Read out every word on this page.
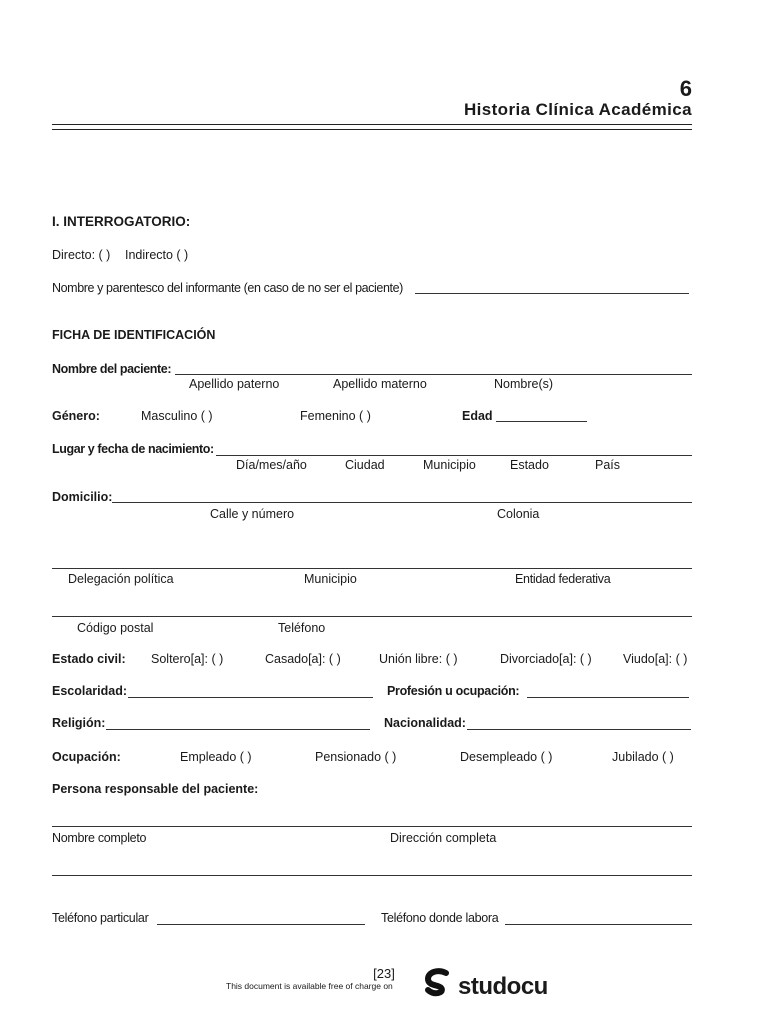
6
Historia Clínica Académica
I. INTERROGATORIO:
Directo: ( ) Indirecto ( )
Nombre y parentesco del informante (en caso de no ser el paciente)
FICHA DE IDENTIFICACIÓN
Nombre del paciente:
Apellido paterno	Apellido materno	Nombre(s)
Género:	Masculino ( )	Femenino ( )	Edad
Lugar y fecha de nacimiento:
Día/mes/año	Ciudad	Municipio	Estado	País
Domicilio:
Calle y número	Colonia
Delegación política	Municipio	Entidad federativa
Código postal	Teléfono
Estado civil: Soltero[a]: ( )	Casado[a]: ( )	Unión libre: ( )	Divorciado[a]: ( )	Viudo[a]: ( )
Escolaridad:	Profesión u ocupación:
Religión:	Nacionalidad:
Ocupación:	Empleado ( )	Pensionado ( )	Desempleado ( )	Jubilado ( )
Persona responsable del paciente:
Nombre completo	Dirección completa
Teléfono particular	Teléfono donde labora
[23]
This document is available free of charge on	studocu
